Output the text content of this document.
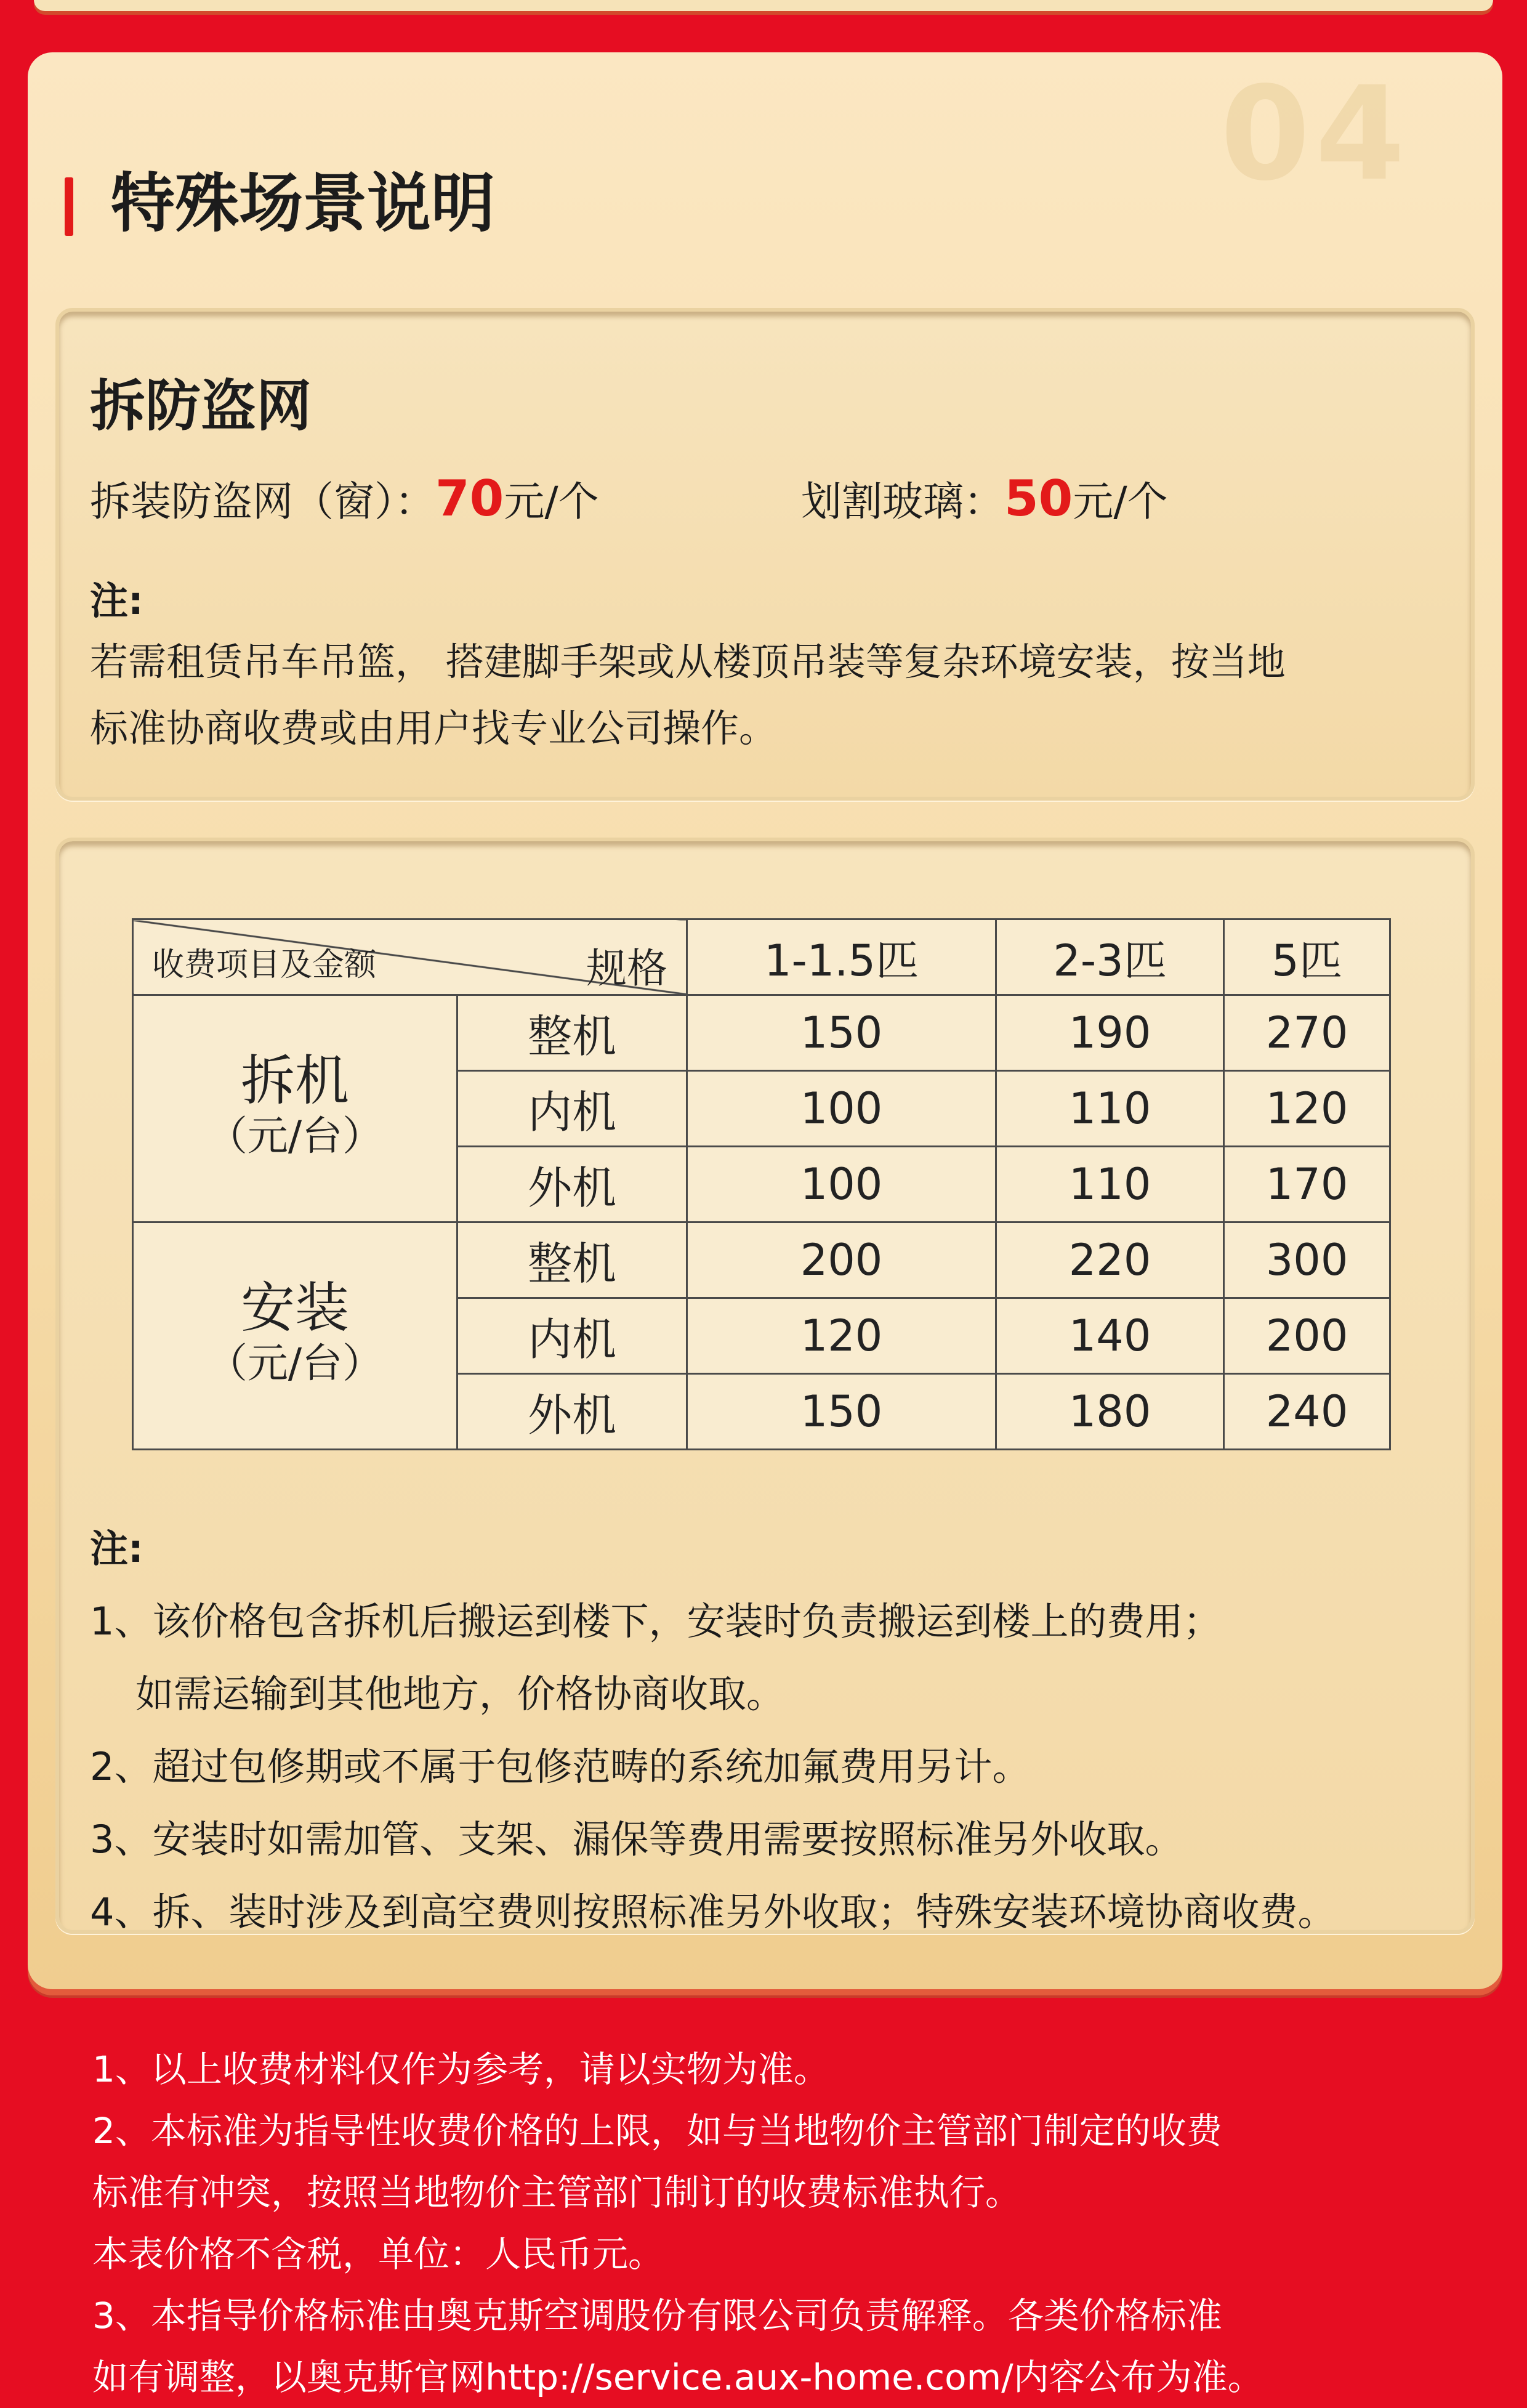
04
特殊场景说明
拆防盗网
拆装防盗网（窗）：70元/个	划割玻璃：50元/个
注:
若需租赁吊车吊篮， 搭建脚手架或从楼顶吊装等复杂环境安装，按当地
标准协商收费或由用户找专业公司操作。
规格
收费项目及金额		1-1.5匹	2-3匹	5匹

拆机
（元/台）	整机	150	190	270
	内机	100	110	120
	外机	100	110	170

安装
（元/台）	整机	200	220	300
	内机	120	140	200
	外机	150	180	240
注:
1、该价格包含拆机后搬运到楼下，安装时负责搬运到楼上的费用；
如需运输到其他地方，价格协商收取。
2、超过包修期或不属于包修范畴的系统加氟费用另计。
3、安装时如需加管、支架、漏保等费用需要按照标准另外收取。
4、拆、装时涉及到高空费则按照标准另外收取；特殊安装环境协商收费。
1、以上收费材料仅作为参考，请以实物为准。
2、本标准为指导性收费价格的上限，如与当地物价主管部门制定的收费
标准有冲突，按照当地物价主管部门制订的收费标准执行。
本表价格不含税，单位：人民币元。
3、本指导价格标准由奥克斯空调股份有限公司负责解释。各类价格标准
如有调整，以奥克斯官网http://service.aux-home.com/内容公布为准。
